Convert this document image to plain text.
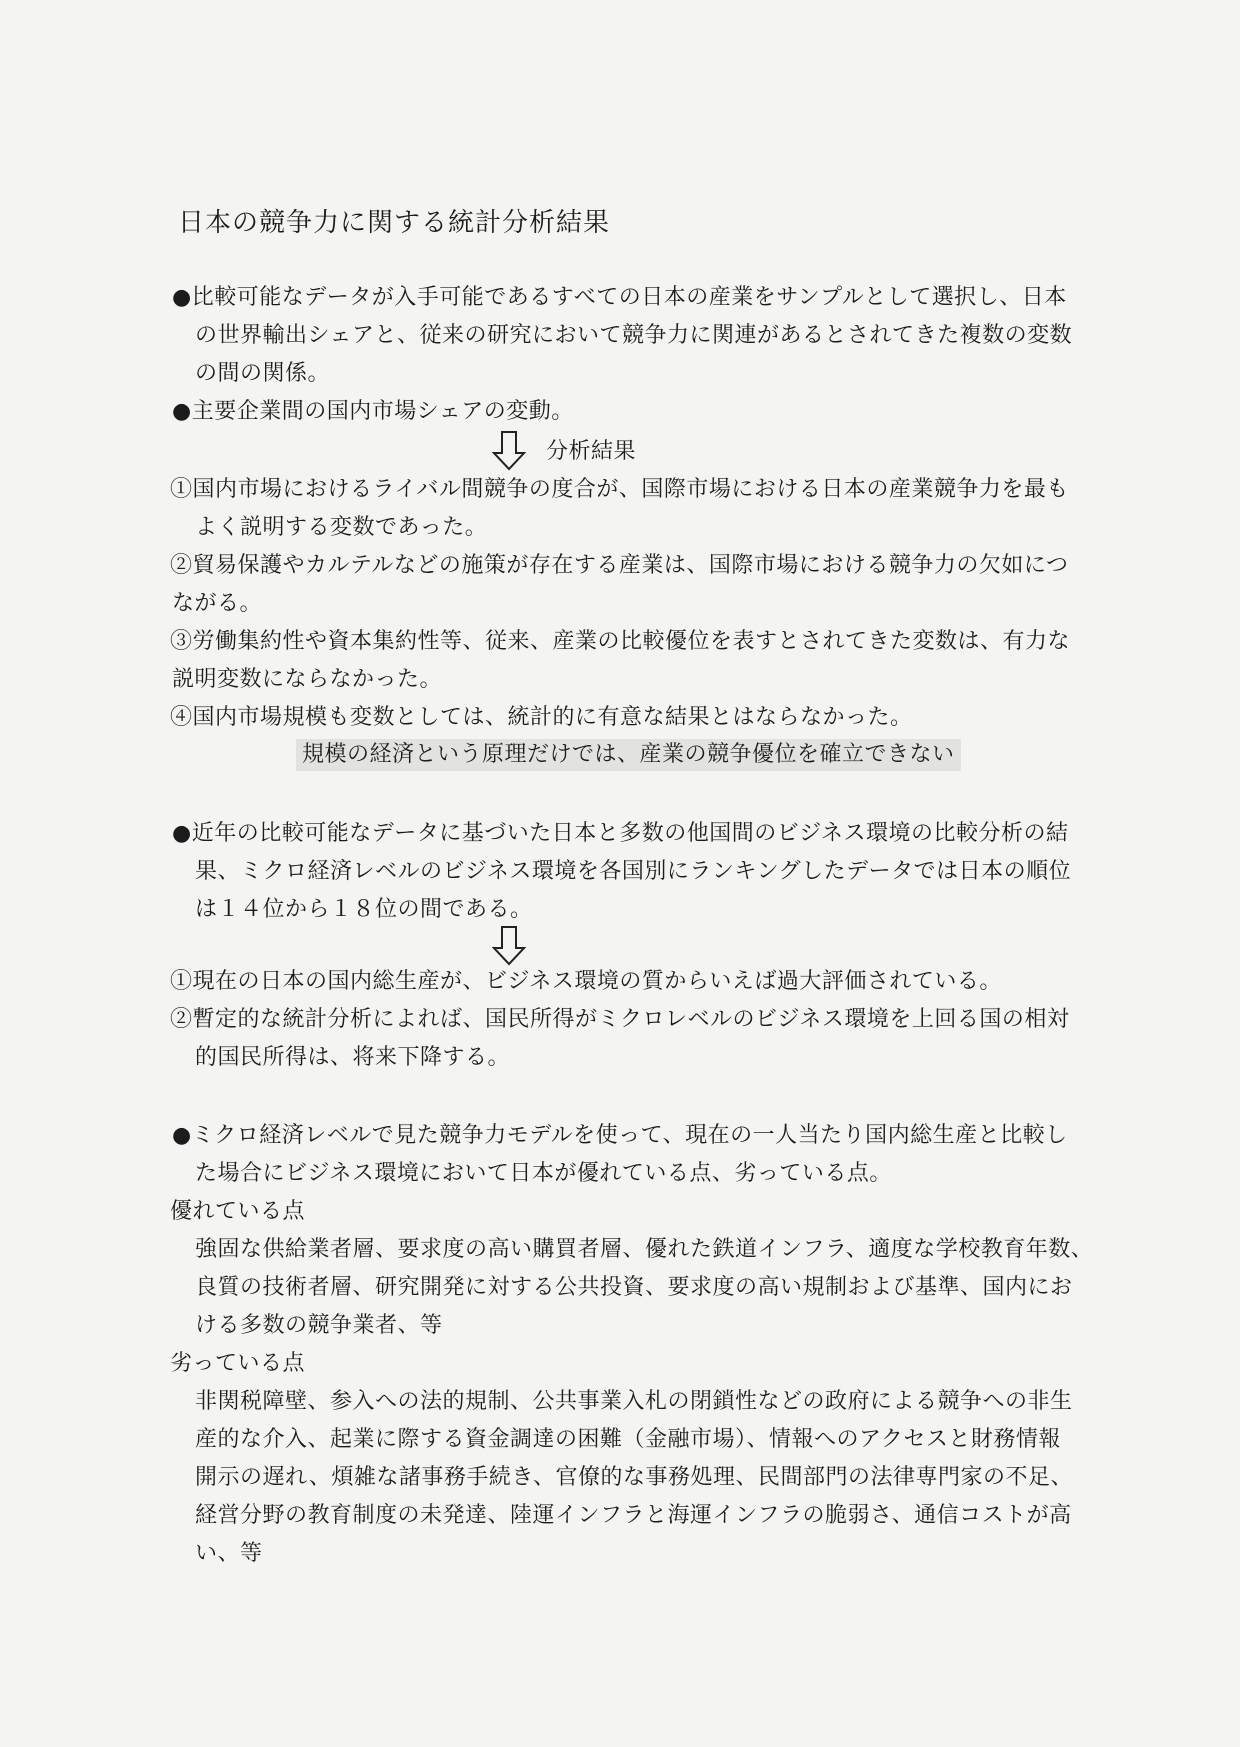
日本の競争力に関する統計分析結果
●比較可能なデータが入手可能であるすべての日本の産業をサンプルとして選択し、日本
の世界輸出シェアと、従来の研究において競争力に関連があるとされてきた複数の変数
の間の関係。
●主要企業間の国内市場シェアの変動。
分析結果
①国内市場におけるライバル間競争の度合が、国際市場における日本の産業競争力を最も
よく説明する変数であった。
②貿易保護やカルテルなどの施策が存在する産業は、国際市場における競争力の欠如につ
ながる。
③労働集約性や資本集約性等、従来、産業の比較優位を表すとされてきた変数は、有力な
説明変数にならなかった。
④国内市場規模も変数としては、統計的に有意な結果とはならなかった。
規模の経済という原理だけでは、産業の競争優位を確立できない
●近年の比較可能なデータに基づいた日本と多数の他国間のビジネス環境の比較分析の結
果、ミクロ経済レベルのビジネス環境を各国別にランキングしたデータでは日本の順位
は１４位から１８位の間である。
①現在の日本の国内総生産が、ビジネス環境の質からいえば過大評価されている。
②暫定的な統計分析によれば、国民所得がミクロレベルのビジネス環境を上回る国の相対
的国民所得は、将来下降する。
●ミクロ経済レベルで見た競争力モデルを使って、現在の一人当たり国内総生産と比較し
た場合にビジネス環境において日本が優れている点、劣っている点。
優れている点
強固な供給業者層、要求度の高い購買者層、優れた鉄道インフラ、適度な学校教育年数、
良質の技術者層、研究開発に対する公共投資、要求度の高い規制および基準、国内にお
ける多数の競争業者、等
劣っている点
非関税障壁、参入への法的規制、公共事業入札の閉鎖性などの政府による競争への非生
産的な介入、起業に際する資金調達の困難（金融市場）、情報へのアクセスと財務情報
開示の遅れ、煩雑な諸事務手続き、官僚的な事務処理、民間部門の法律専門家の不足、
経営分野の教育制度の未発達、陸運インフラと海運インフラの脆弱さ、通信コストが高
い、等
